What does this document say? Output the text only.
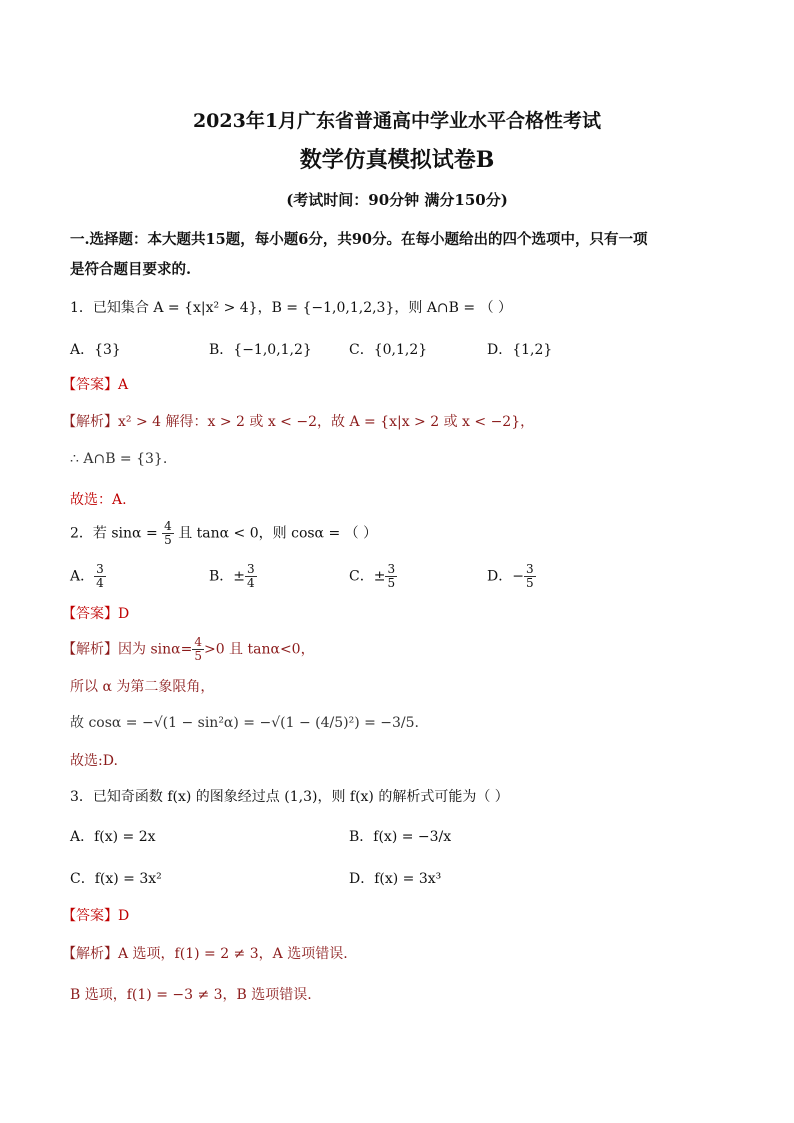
2023年1月广东省普通高中学业水平合格性考试
数学仿真模拟试卷B
(考试时间：90分钟 满分150分)
一.选择题：本大题共15题，每小题6分，共90分。在每小题给出的四个选项中，只有一项
是符合题目要求的.
1．已知集合 A = {x|x² > 4}，B = {−1,0,1,2,3}，则 A∩B = （ ）
A．{3}	B．{−1,0,1,2}	C．{0,1,2}	D．{1,2}
【答案】A
【解析】x² > 4 解得：x > 2 或 x < −2，故 A = {x|x > 2 或 x < −2}，
∴ A∩B = {3}.
故选：A.
2．若 $\sin\alpha = \frac{4}{5}$ 且 tanα < 0，则 cosα = （ ）
A． $\frac{3}{4}$	B．± $\frac{3}{4}$	C．± $\frac{3}{5}$	D．− $\frac{3}{5}$
【答案】D
【解析】因为 $\sin\alpha= \frac{4}{5} >0$ 且 tanα<0，
所以 α 为第二象限角，
故 cosα = −√(1 − sin²α) = −√(1 − (4/5)²) = −3/5.
故选:D.
3．已知奇函数 f(x) 的图象经过点 (1,3)，则 f(x) 的解析式可能为（ ）
A．f(x) = 2x	B．f(x) = −3/x
C．f(x) = 3x²	D．f(x) = 3x³
【答案】D
【解析】A 选项，f(1) = 2 ≠ 3，A 选项错误.
B 选项，f(1) = −3 ≠ 3，B 选项错误.
